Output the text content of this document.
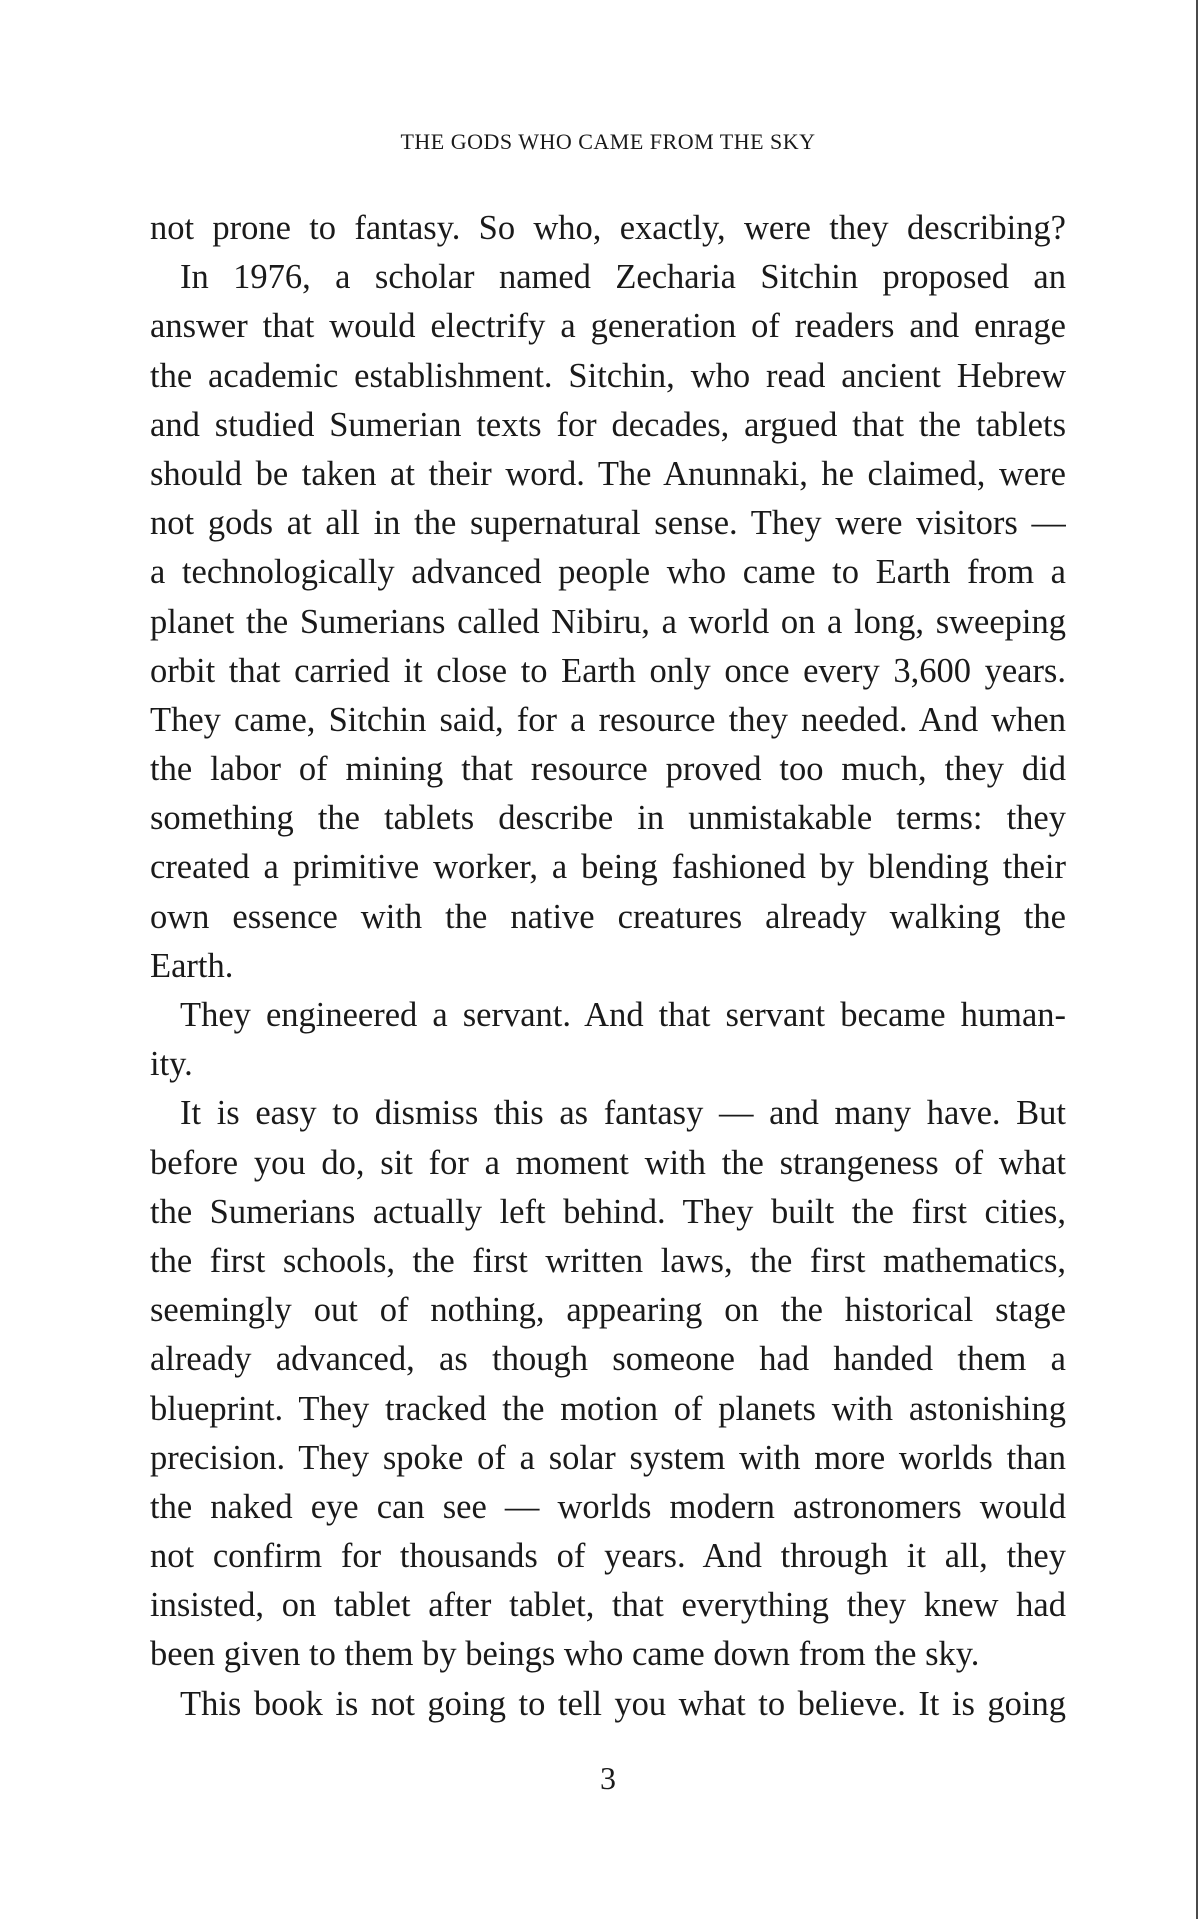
THE GODS WHO CAME FROM THE SKY
not prone to fantasy. So who, exactly, were they describing?
In 1976, a scholar named Zecharia Sitchin proposed an
answer that would electrify a generation of readers and enrage
the academic establishment. Sitchin, who read ancient Hebrew
and studied Sumerian texts for decades, argued that the tablets
should be taken at their word. The Anunnaki, he claimed, were
not gods at all in the supernatural sense. They were visitors —
a technologically advanced people who came to Earth from a
planet the Sumerians called Nibiru, a world on a long, sweeping
orbit that carried it close to Earth only once every 3,600 years.
They came, Sitchin said, for a resource they needed. And when
the labor of mining that resource proved too much, they did
something the tablets describe in unmistakable terms: they
created a primitive worker, a being fashioned by blending their
own essence with the native creatures already walking the
Earth.
They engineered a servant. And that servant became human-
ity.
It is easy to dismiss this as fantasy — and many have. But
before you do, sit for a moment with the strangeness of what
the Sumerians actually left behind. They built the first cities,
the first schools, the first written laws, the first mathematics,
seemingly out of nothing, appearing on the historical stage
already advanced, as though someone had handed them a
blueprint. They tracked the motion of planets with astonishing
precision. They spoke of a solar system with more worlds than
the naked eye can see — worlds modern astronomers would
not confirm for thousands of years. And through it all, they
insisted, on tablet after tablet, that everything they knew had
been given to them by beings who came down from the sky.
This book is not going to tell you what to believe. It is going
3
